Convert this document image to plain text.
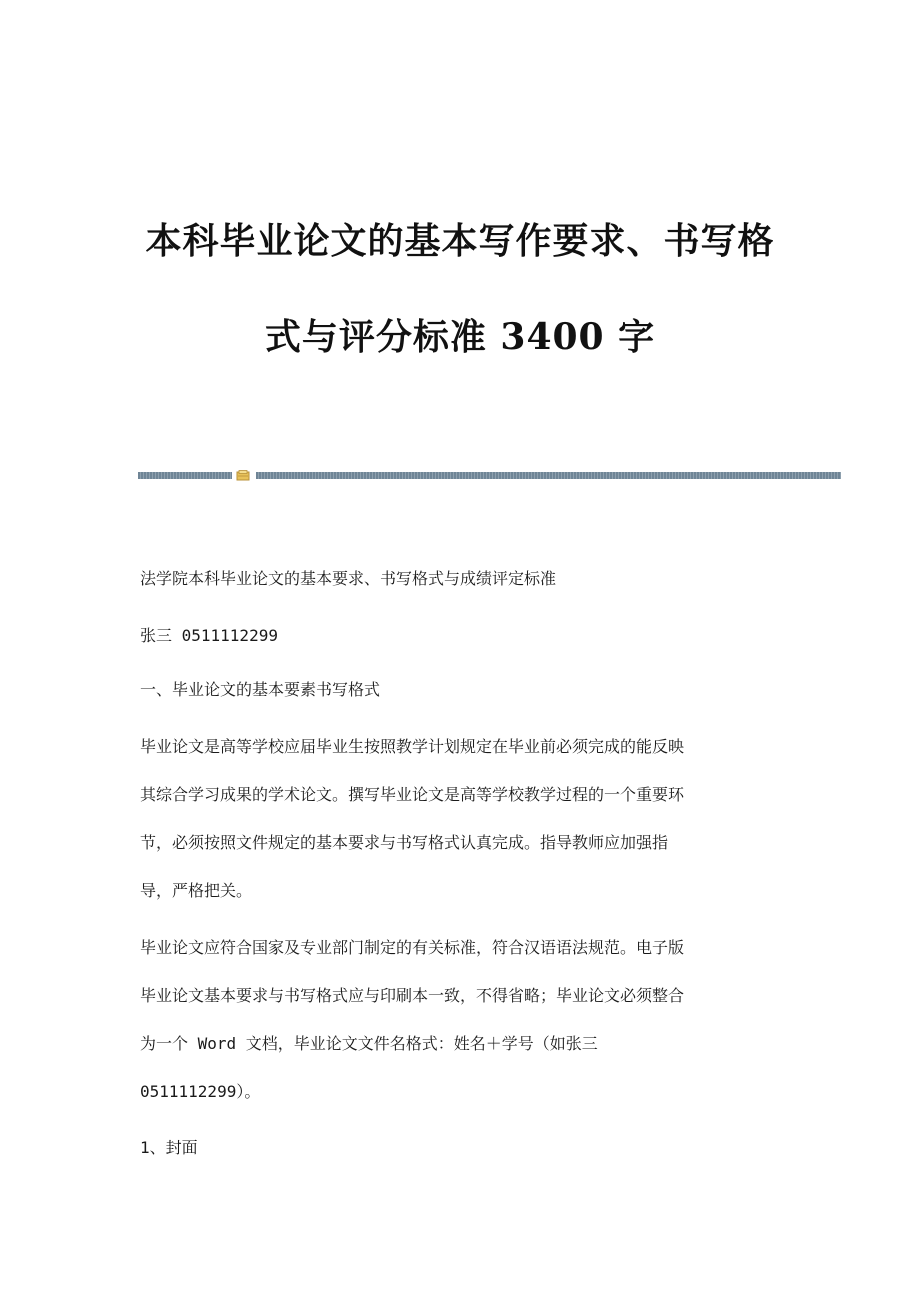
本科毕业论文的基本写作要求、书写格
式与评分标准 3400 字

法学院本科毕业论文的基本要求、书写格式与成绩评定标准

张三 0511112299

一、毕业论文的基本要素书写格式

毕业论文是高等学校应届毕业生按照教学计划规定在毕业前必须完成的能反映
其综合学习成果的学术论文。撰写毕业论文是高等学校教学过程的一个重要环
节，必须按照文件规定的基本要求与书写格式认真完成。指导教师应加强指
导，严格把关。
毕业论文应符合国家及专业部门制定的有关标准，符合汉语语法规范。电子版
毕业论文基本要求与书写格式应与印刷本一致，不得省略；毕业论文必须整合
为一个 Word 文档，毕业论文文件名格式：姓名＋学号（如张三
0511112299）。

1、封面
